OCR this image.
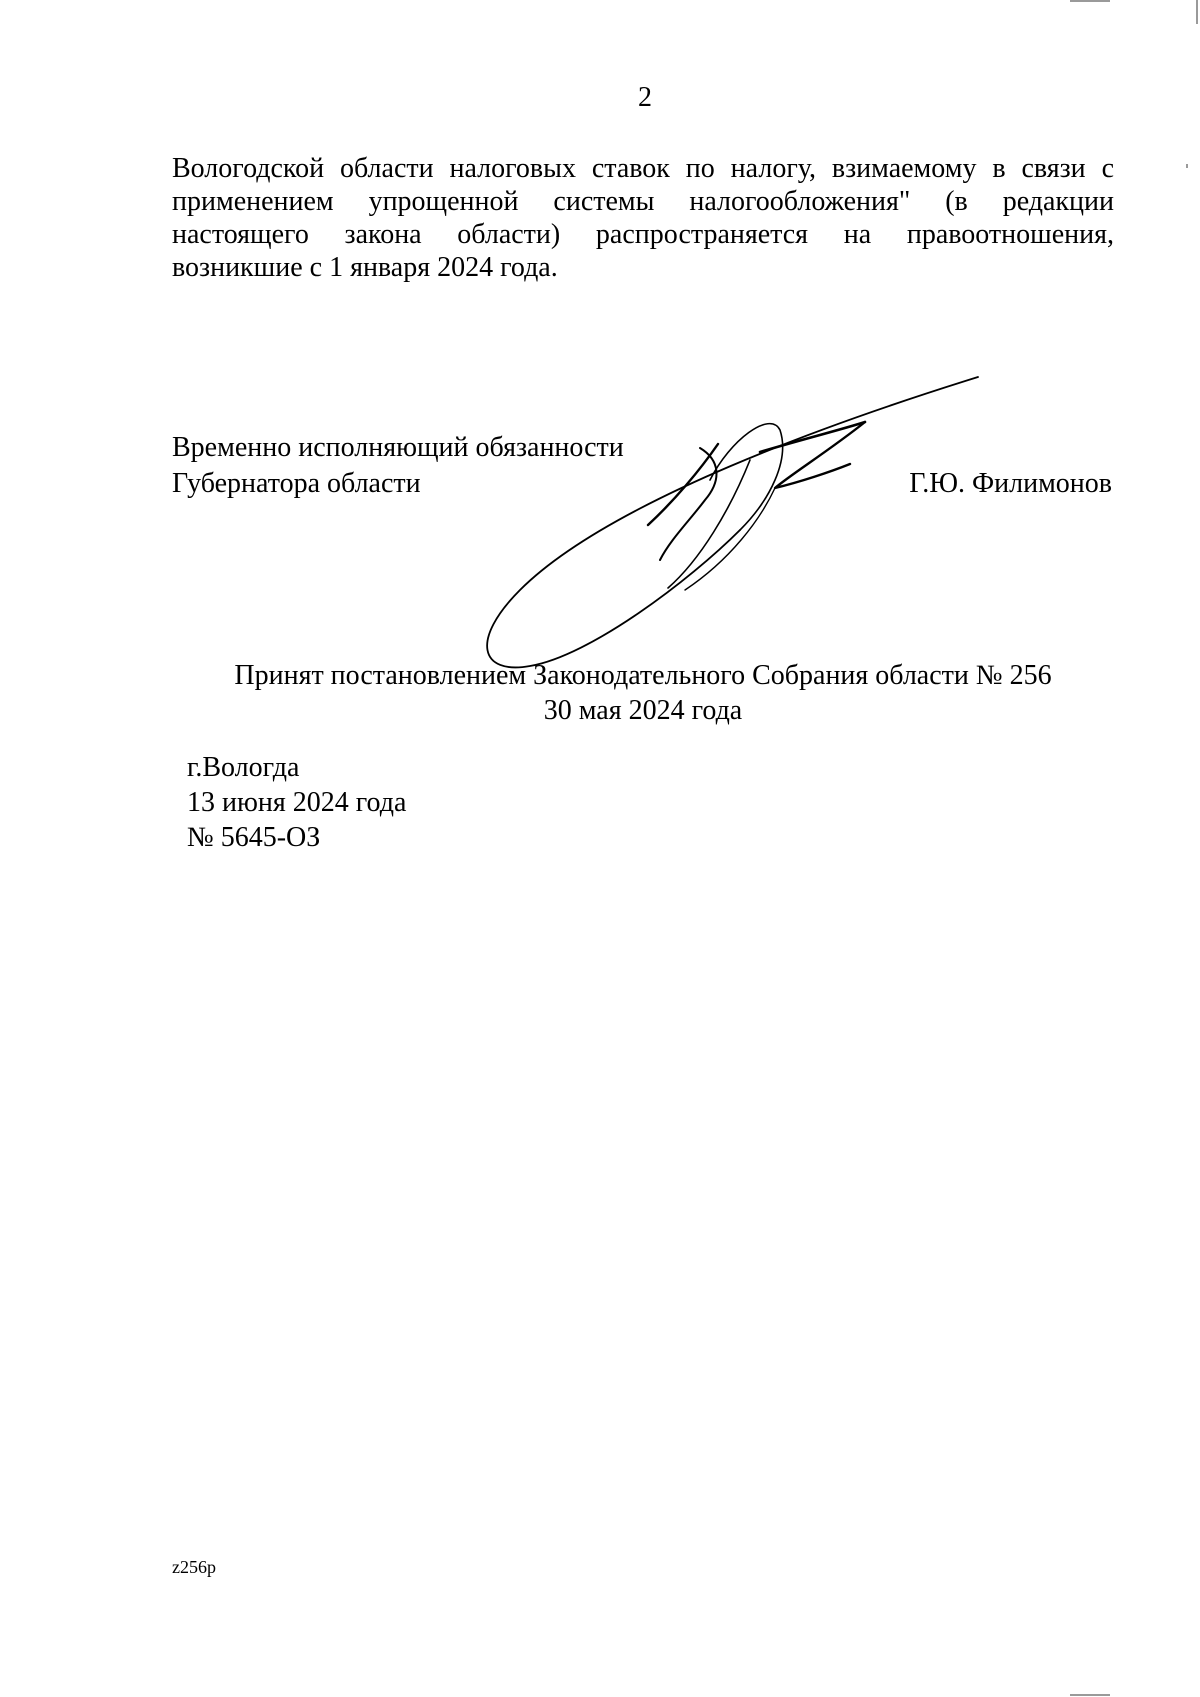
2
Вологодской области налоговых ставок по налогу, взимаемому в связи с
применением упрощенной системы налогообложения" (в редакции
настоящего закона области) распространяется на правоотношения,
возникшие с 1 января 2024 года.
Временно исполняющий обязанности
Губернатора области	Г.Ю. Филимонов
Принят постановлением Законодательного Собрания области № 256
30 мая 2024 года
г.Вологда
13 июня 2024 года
№ 5645-ОЗ
z256р
